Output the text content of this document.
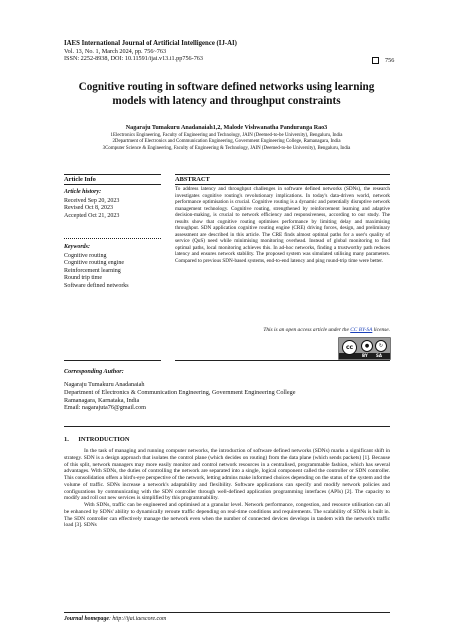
IAES International Journal of Artificial Intelligence (IJ-AI)
Vol. 13, No. 1, March 2024, pp. 756~763
ISSN: 2252-8938, DOI: 10.11591/ijai.v13.i1.pp756-763	756
Cognitive routing in software defined networks using learning models with latency and throughput constraints
Nagaraju Tumakuru Anadanaiah1,2, Malode Vishwanatha Panduranga Rao3
1Electronics Engineering, Faculty of Engineering and Technology, JAIN (Deemed-to-be University), Bengaluru, India
2Department of Electronics and Communication Engineering, Government Engineering College, Ramanagara, India
3Computer Science & Engineering, Faculty of Engineering & Technology, JAIN (Deemed-to-be University), Bengaluru, India
Article Info	ABSTRACT
Article history:
Received Sep 20, 2023
Revised Oct 8, 2023
Accepted Oct 21, 2023
Keywords:
Cognitive routing
Cognitive routing engine
Reinforcement learning
Round trip time
Software defined networks
To address latency and throughput challenges in software defined networks (SDNs), the research investigates cognitive routing's revolutionary implications. In today's data-driven world, network performance optimisation is crucial. Cognitive routing is a dynamic and potentially disruptive network management technology. Cognitive routing, strengthened by reinforcement learning and adaptive decision-making, is crucial to network efficiency and responsiveness, according to our study. The results show that cognitive routing optimises performance by limiting delay and maximising throughput. SDN application cognitive routing engine (CRE) driving forces, design, and preliminary assessment are described in this article. The CRE finds almost optimal paths for a user's quality of service (QoS) need while minimising monitoring overhead. Instead of global monitoring to find optimal paths, local monitoring achieves this. In ad-hoc networks, finding a trustworthy path reduces latency and ensures network stability. The proposed system was simulated utilising many parameters. Compared to previous SDN-based systems, end-to-end latency and ping round-trip time were better.
This is an open access article under the CC BY-SA license.
cc	●	↻
BY SA
Corresponding Author:
Nagaraju Tumakuru Anadanaiah
Department of Electronics & Communication Engineering, Government Engineering College
Ramanagara, Karnataka, India
Email: nagarajuta76@gmail.com
1.      INTRODUCTION

In the task of managing and running computer networks, the introduction of software defined networks (SDNs) marks a significant shift in strategy. SDN is a design approach that isolates the control plane (which decides on routing) from the data plane (which sends packets) [1]. Because of this split, network managers may more easily monitor and control network resources in a centralised, programmable fashion, which has several advantages. With SDNs, the duties of controlling the network are separated into a single, logical component called the controller or SDN controller. This consolidation offers a bird's-eye perspective of the network, letting admins make informed choices depending on the status of the system and the volume of traffic. SDNs increase a network's adaptability and flexibility. Software applications can specify and modify network policies and configurations by communicating with the SDN controller through well-defined application programming interfaces (APIs) [2]. The capacity to modify and roll out new services is simplified by this programmability.

With SDNs, traffic can be engineered and optimised at a granular level. Network performance, congestion, and resource utilisation can all be enhanced by SDNs' ability to dynamically reroute traffic depending on real-time conditions and requirements. The scalability of SDNs is built in. The SDN controller can effectively manage the network even when the number of connected devices develops in tandem with the network's traffic load [3]. SDNs

Journal homepage: http://ijai.iaescore.com
